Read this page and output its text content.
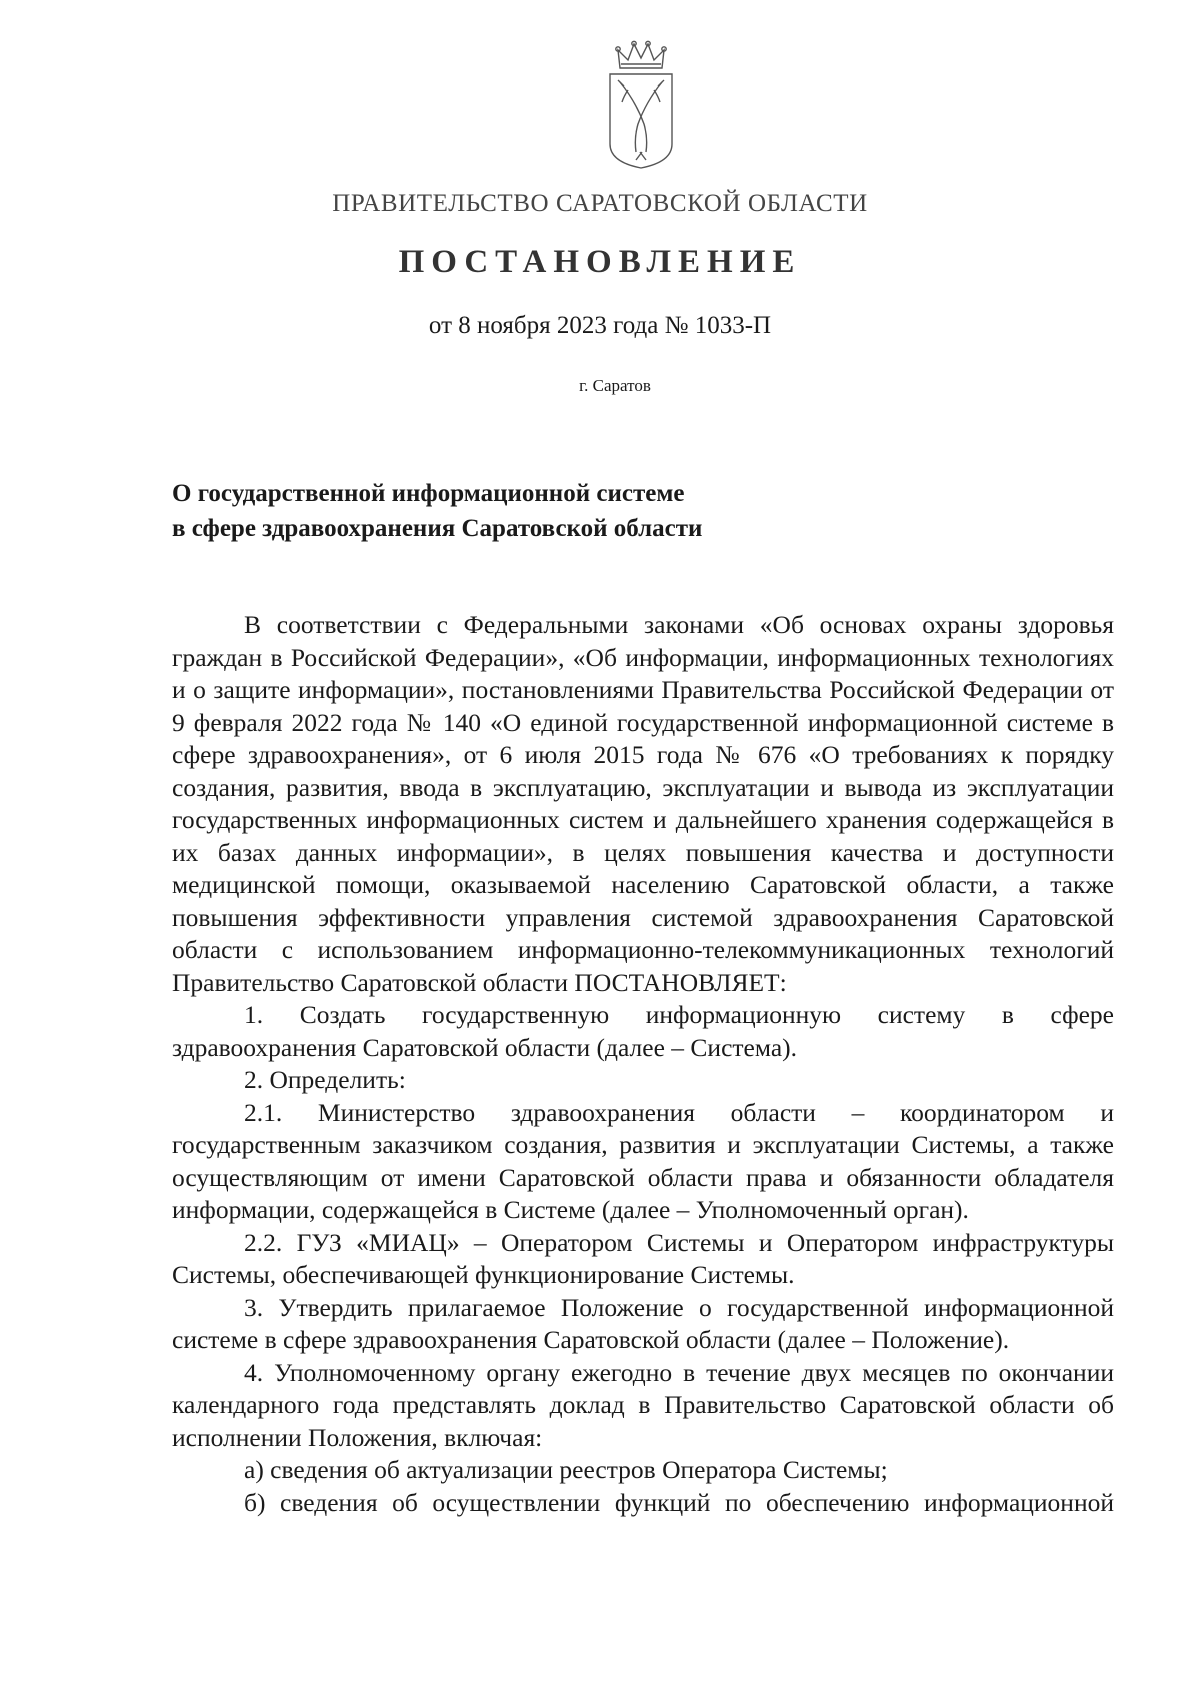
ПРАВИТЕЛЬСТВО САРАТОВСКОЙ ОБЛАСТИ
ПОСТАНОВЛЕНИЕ
от 8 ноября 2023 года № 1033-П
г. Саратов
О государственной информационной системе
в сфере здравоохранения Саратовской области

В соответствии с Федеральными законами «Об основах охраны здоровья граждан в Российской Федерации», «Об информации, информационных технологиях и о защите информации», постановлениями Правительства Российской Федерации от 9 февраля 2022 года № 140 «О единой государственной информационной системе в сфере здравоохранения», от 6 июля 2015 года № 676 «О требованиях к порядку создания, развития, ввода в эксплуатацию, эксплуатации и вывода из эксплуатации государственных информационных систем и дальнейшего хранения содержащейся в их базах данных информации», в целях повышения качества и доступности медицинской помощи, оказываемой населению Саратовской области, а также повышения эффективности управления системой здравоохранения Саратовской области с использованием информационно-телекоммуникационных технологий Правительство Саратовской области ПОСТАНОВЛЯЕТ:

1. Создать государственную информационную систему в сфере здравоохранения Саратовской области (далее – Система).

2. Определить:

2.1. Министерство здравоохранения области – координатором и государственным заказчиком создания, развития и эксплуатации Системы, а также осуществляющим от имени Саратовской области права и обязанности обладателя информации, содержащейся в Системе (далее – Уполномоченный орган).

2.2. ГУЗ «МИАЦ» – Оператором Системы и Оператором инфраструктуры Системы, обеспечивающей функционирование Системы.

3. Утвердить прилагаемое Положение о государственной информационной системе в сфере здравоохранения Саратовской области (далее – Положение).

4. Уполномоченному органу ежегодно в течение двух месяцев по окончании календарного года представлять доклад в Правительство Саратовской области об исполнении Положения, включая:

а) сведения об актуализации реестров Оператора Системы;

б) сведения об осуществлении функций по обеспечению информационной
